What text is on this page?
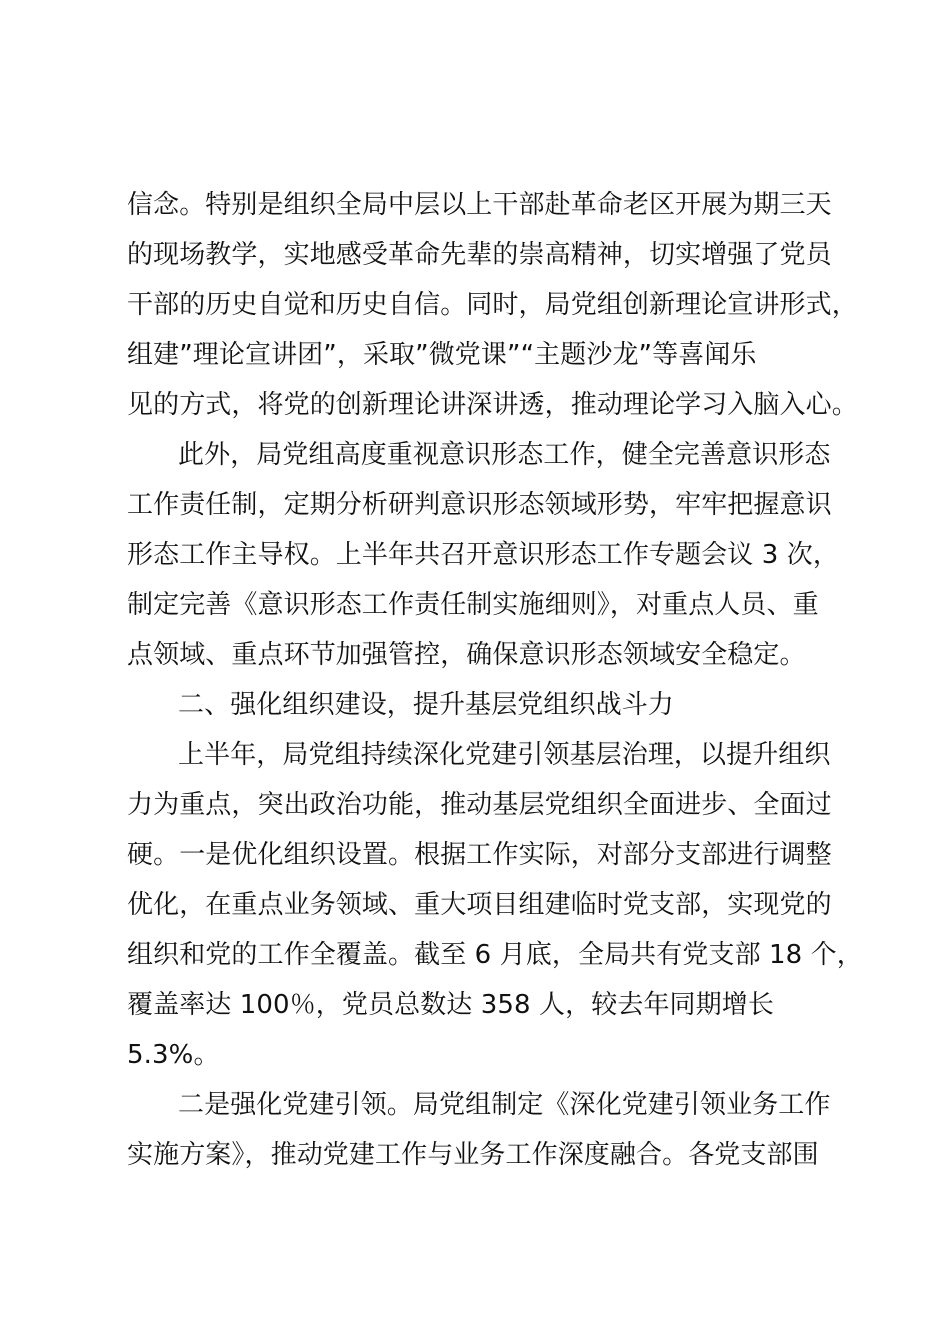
信念。特别是组织全局中层以上干部赴革命老区开展为期三天
的现场教学，实地感受革命先辈的崇高精神，切实增强了党员
干部的历史自觉和历史自信。同时，局党组创新理论宣讲形式，
组建”理论宣讲团”，采取”微党课”“主题沙龙”等喜闻乐
见的方式，将党的创新理论讲深讲透，推动理论学习入脑入心。
此外，局党组高度重视意识形态工作，健全完善意识形态
工作责任制，定期分析研判意识形态领域形势，牢牢把握意识
形态工作主导权。上半年共召开意识形态工作专题会议 3 次，
制定完善《意识形态工作责任制实施细则》，对重点人员、重
点领域、重点环节加强管控，确保意识形态领域安全稳定。
二、强化组织建设，提升基层党组织战斗力
上半年，局党组持续深化党建引领基层治理，以提升组织
力为重点，突出政治功能，推动基层党组织全面进步、全面过
硬。一是优化组织设置。根据工作实际，对部分支部进行调整
优化，在重点业务领域、重大项目组建临时党支部，实现党的
组织和党的工作全覆盖。截至 6 月底，全局共有党支部 18 个，
覆盖率达 100％，党员总数达 358 人，较去年同期增长
5.3%。
二是强化党建引领。局党组制定《深化党建引领业务工作
实施方案》，推动党建工作与业务工作深度融合。各党支部围
